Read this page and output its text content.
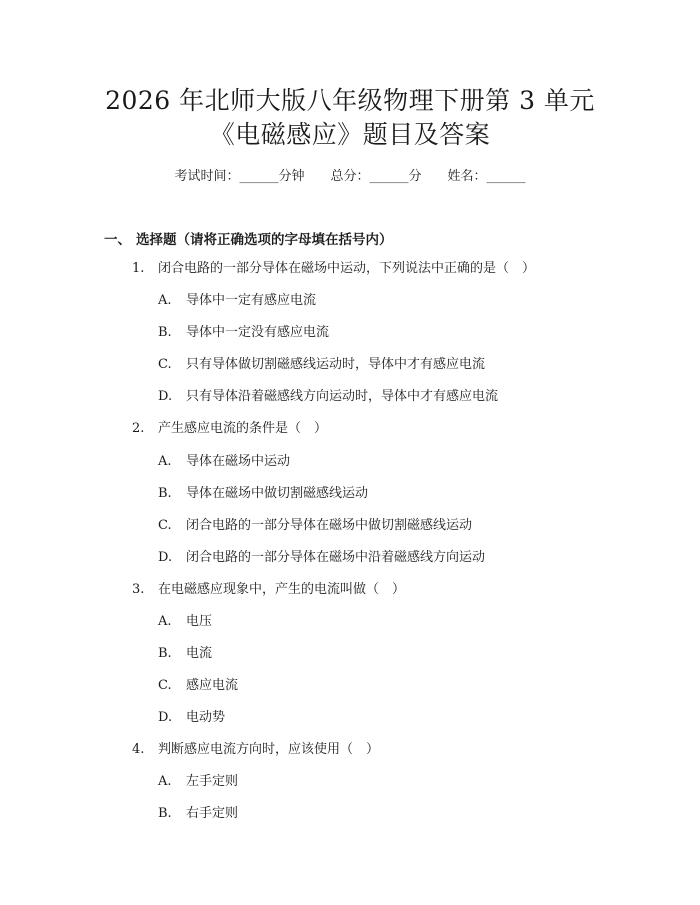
2026 年北师大版八年级物理下册第 3 单元
《电磁感应》题目及答案
考试时间：______分钟 总分：______分 姓名：______
一、 选择题（请将正确选项的字母填在括号内）
1. 闭合电路的一部分导体在磁场中运动，下列说法中正确的是（　）
A. 导体中一定有感应电流
B. 导体中一定没有感应电流
C. 只有导体做切割磁感线运动时，导体中才有感应电流
D. 只有导体沿着磁感线方向运动时，导体中才有感应电流
2. 产生感应电流的条件是（　）
A. 导体在磁场中运动
B. 导体在磁场中做切割磁感线运动
C. 闭合电路的一部分导体在磁场中做切割磁感线运动
D. 闭合电路的一部分导体在磁场中沿着磁感线方向运动
3. 在电磁感应现象中，产生的电流叫做（　）
A. 电压
B. 电流
C. 感应电流
D. 电动势
4. 判断感应电流方向时，应该使用（　）
A. 左手定则
B. 右手定则
